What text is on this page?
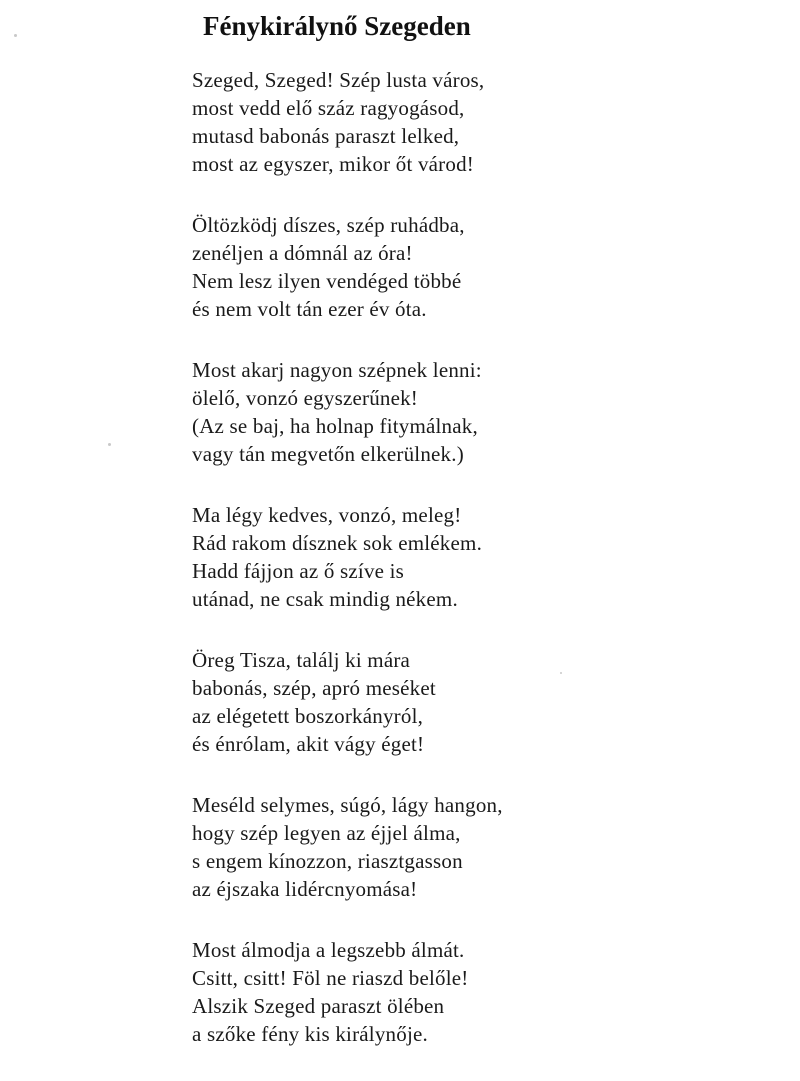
Fénykirálynő Szegeden
Szeged, Szeged! Szép lusta város,
most vedd elő száz ragyogásod,
mutasd babonás paraszt lelked,
most az egyszer, mikor őt várod!
Öltözködj díszes, szép ruhádba,
zenéljen a dómnál az óra!
Nem lesz ilyen vendéged többé
és nem volt tán ezer év óta.
Most akarj nagyon szépnek lenni:
ölelő, vonzó egyszerűnek!
(Az se baj, ha holnap fitymálnak,
vagy tán megvetőn elkerülnek.)
Ma légy kedves, vonzó, meleg!
Rád rakom dísznek sok emlékem.
Hadd fájjon az ő szíve is
utánad, ne csak mindig nékem.
Öreg Tisza, találj ki mára
babonás, szép, apró meséket
az elégetett boszorkányról,
és énrólam, akit vágy éget!
Meséld selymes, súgó, lágy hangon,
hogy szép legyen az éjjel álma,
s engem kínozzon, riasztgasson
az éjszaka lidércnyomása!
Most álmodja a legszebb álmát.
Csitt, csitt! Föl ne riaszd belőle!
Alszik Szeged paraszt ölében
a szőke fény kis királynője.
